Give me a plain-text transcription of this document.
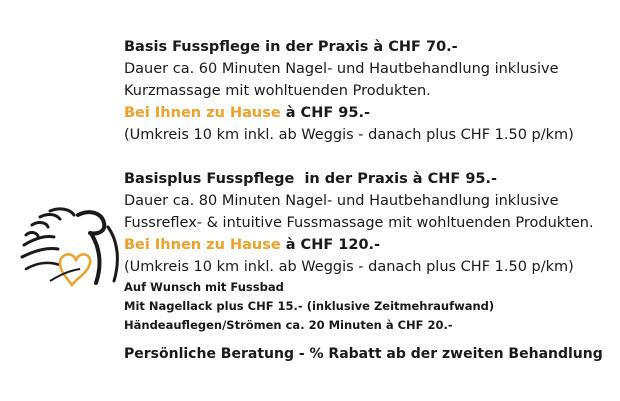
Basis Fusspflege in der Praxis à CHF 70.-
Dauer ca. 60 Minuten Nagel- und Hautbehandlung inklusive
Kurzmassage mit wohltuenden Produkten.
Bei Ihnen zu Hause à CHF 95.-
(Umkreis 10 km inkl. ab Weggis - danach plus CHF 1.50 p/km)
Basisplus Fusspflege  in der Praxis à CHF 95.-
Dauer ca. 80 Minuten Nagel- und Hautbehandlung inklusive
Fussreflex- & intuitive Fussmassage mit wohltuenden Produkten.
Bei Ihnen zu Hause à CHF 120.-
(Umkreis 10 km inkl. ab Weggis - danach plus CHF 1.50 p/km)
Auf Wunsch mit Fussbad
Mit Nagellack plus CHF 15.- (inklusive Zeitmehraufwand)
Händeauflegen/Strömen ca. 20 Minuten à CHF 20.-
Persönliche Beratung - % Rabatt ab der zweiten Behandlung
